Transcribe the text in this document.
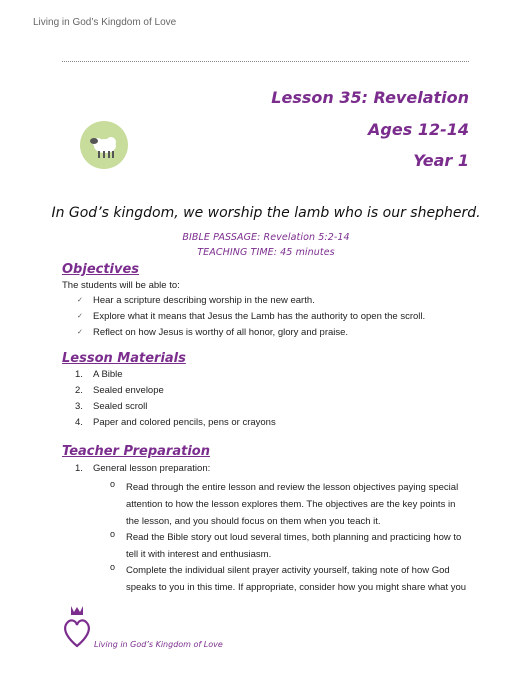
Living in God’s Kingdom of Love
Lesson 35: Revelation
Ages 12-14
Year 1
In God’s kingdom, we worship the lamb who is our shepherd.
BIBLE PASSAGE: Revelation 5:2-14
TEACHING TIME: 45 minutes
Objectives
The students will be able to:
✓ Hear a scripture describing worship in the new earth.
✓ Explore what it means that Jesus the Lamb has the authority to open the scroll.
✓ Reflect on how Jesus is worthy of all honor, glory and praise.
Lesson Materials
1. A Bible
2. Sealed envelope
3. Sealed scroll
4. Paper and colored pencils, pens or crayons
Teacher Preparation
1. General lesson preparation:
o Read through the entire lesson and review the lesson objectives paying special
attention to how the lesson explores them. The objectives are the key points in
the lesson, and you should focus on them when you teach it.
o Read the Bible story out loud several times, both planning and practicing how to
tell it with interest and enthusiasm.
o Complete the individual silent prayer activity yourself, taking note of how God
speaks to you in this time. If appropriate, consider how you might share what you
Living in God’s Kingdom of Love
